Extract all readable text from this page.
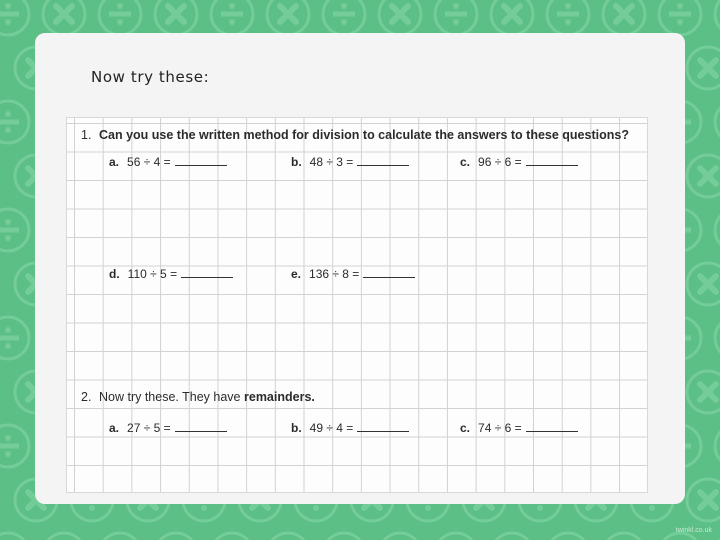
Now try these:
1. Can you use the written method for division to calculate the answers to these questions?
a. 56 ÷ 4 =	b. 48 ÷ 3 =	c. 96 ÷ 6 =
d. 110 ÷ 5 =	e. 136 ÷ 8 =
2. Now try these. They have remainders.
a. 27 ÷ 5 =	b. 49 ÷ 4 =	c. 74 ÷ 6 =
twinkl.co.uk
